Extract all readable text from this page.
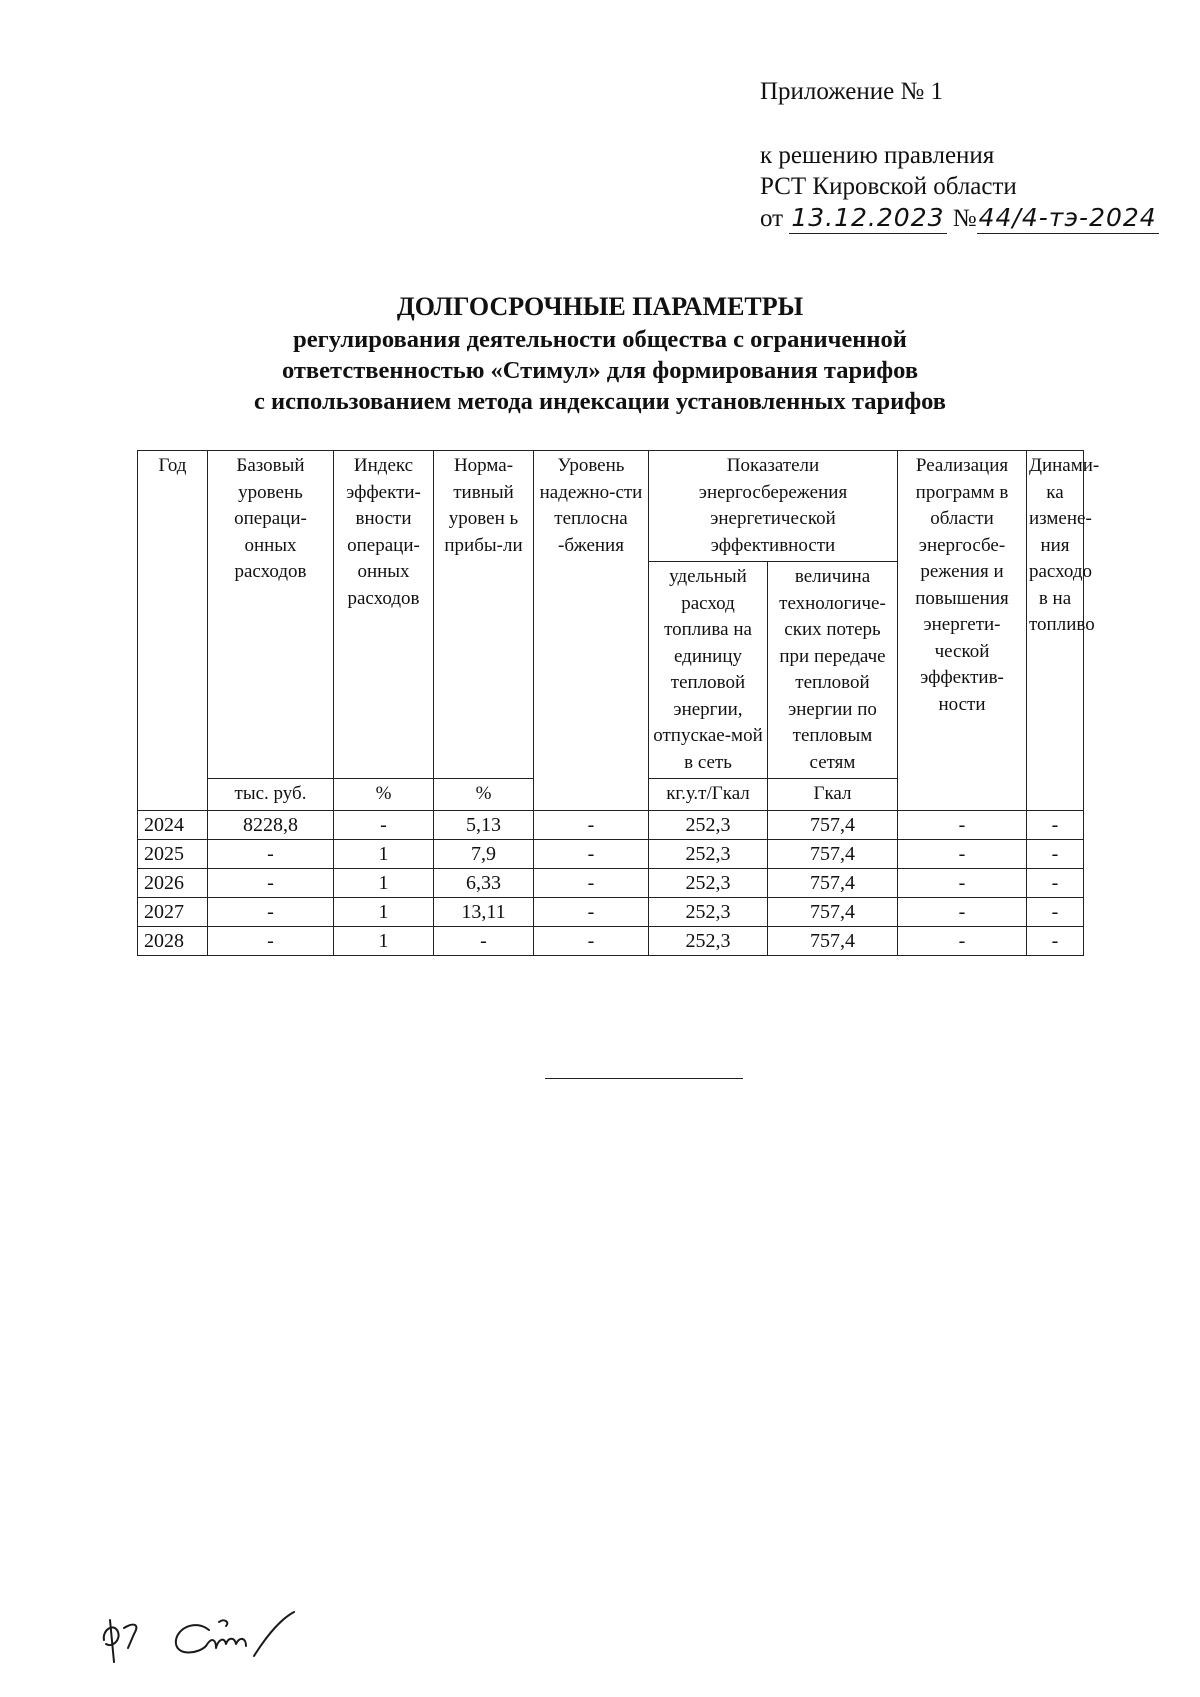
Приложение № 1
к решению правления
РСТ Кировской области
от 13.12.2023 №44/4-тэ-2024
ДОЛГОСРОЧНЫЕ ПАРАМЕТРЫ
регулирования деятельности общества с ограниченной
ответственностью «Стимул» для формирования тарифов
с использованием метода индексации установленных тарифов
Год	Базовый уровень операци-онных расходов	Индекс эффекти-вности операци-онных расходов	Норма-тивный уровен ь прибы-ли	Уровень надежно-сти теплосна -бжения	Показатели энергосбережения энергетической эффективности		Реализация программ в области энергосбе-режения и повышения энергети-ческой эффектив-ности	Динами-ка измене-ния расходо в на топливо
					удельный расход топлива на единицу тепловой энергии, отпускае-мой в сеть	величина технологиче-ских потерь при передаче тепловой энергии по тепловым сетям		
	тыс. руб.	%	%		кг.у.т/Гкал	Гкал		
2024	8228,8	-	5,13	-	252,3	757,4	-	-
2025	-	1	7,9	-	252,3	757,4	-	-
2026	-	1	6,33	-	252,3	757,4	-	-
2027	-	1	13,11	-	252,3	757,4	-	-
2028	-	1	-	-	252,3	757,4	-	-
